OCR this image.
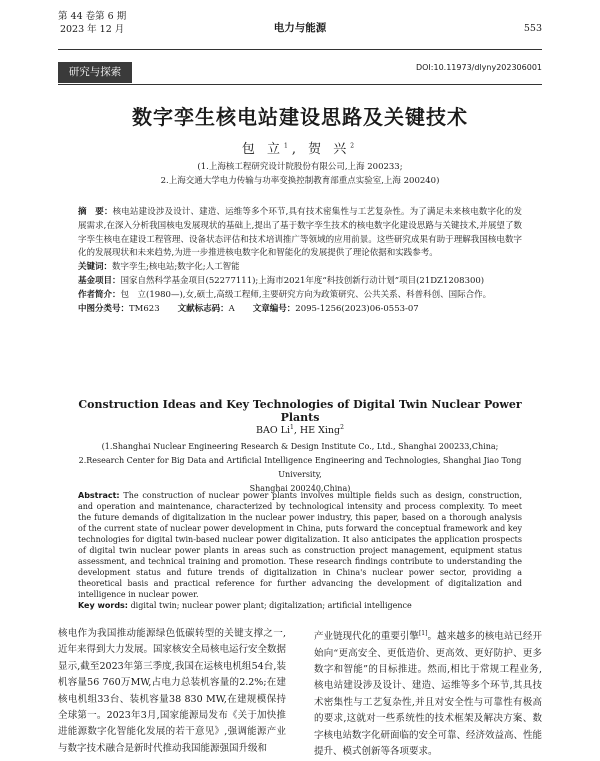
第 44 卷第 6 期
2023 年 12 月	电力与能源	553
研究与探索	DOI:10.11973/dlyny202306001
数字孪生核电站建设思路及关键技术
包 立$^1$, 贺 兴$^2$
(1.上海核工程研究设计院股份有限公司,上海 200233;
2.上海交通大学电力传输与功率变换控制教育部重点实验室,上海 200240)
摘　要：核电站建设涉及设计、建造、运维等多个环节,具有技术密集性与工艺复杂性。为了满足未来核电数字化的发展需求,在深入分析我国核电发展现状的基础上,提出了基于数字孪生技术的核电数字化建设思路与关键技术,并展望了数字孪生核电在建设工程管理、设备状态评估和技术培训推广等领域的应用前景。这些研究成果有助于理解我国核电数字化的发展现状和未来趋势,为进一步推进核电数字化和智能化的发展提供了理论依据和实践参考。
关键词：数字孪生;核电站;数字化;人工智能
基金项目：国家自然科学基金项目(52277111);上海市2021年度“科技创新行动计划”项目(21DZ1208300)
作者简介：包　立(1980—),女,硕士,高级工程师,主要研究方向为政策研究、公共关系、科普科创、国际合作。
中图分类号：TM623 文献标志码：A 文章编号：2095-1256(2023)06-0553-07
Construction Ideas and Key Technologies of Digital Twin Nuclear Power Plants
BAO Li$^1$, HE Xing$^2$
(1.Shanghai Nuclear Engineering Research & Design Institute Co., Ltd., Shanghai 200233,China;
2.Research Center for Big Data and Artificial Intelligence Engineering and Technologies, Shanghai Jiao Tong University,
Shanghai 200240,China)
Abstract: The construction of nuclear power plants involves multiple fields such as design, construction, and operation and maintenance, characterized by technological intensity and process complexity. To meet the future demands of digitalization in the nuclear power industry, this paper, based on a thorough analysis of the current state of nuclear power development in China, puts forward the conceptual framework and key technologies for digital twin-based nuclear power digitalization. It also anticipates the application prospects of digital twin nuclear power plants in areas such as construction project management, equipment status assessment, and technical training and promotion. These research findings contribute to understanding the development status and future trends of digitalization in China's nuclear power sector, providing a theoretical basis and practical reference for further advancing the development of digitalization and intelligence in nuclear power.
Key words: digital twin; nuclear power plant; digitalization; artificial intelligence
核电作为我国推动能源绿色低碳转型的关键支撑之一,近年来得到大力发展。国家核安全局核电运行安全数据显示,截至2023年第三季度,我国在运核电机组54台,装机容量56 760万MW,占电力总装机容量的2.2%;在建核电机组33台、装机容量38 830 MW,在建规模保持全球第一。2023年3月,国家能源局发布《关于加快推进能源数字化智能化发展的若干意见》,强调能源产业与数字技术融合是新时代推动我国能源强国升级和
产业链现代化的重要引擎[1]。越来越多的核电站已经开始向“更高安全、更低造价、更高效、更好防护、更多数字和智能”的目标推进。然而,相比于常规工程业务,核电站建设涉及设计、建造、运维等多个环节,其具技术密集性与工艺复杂性,并且对安全性与可靠性有极高的要求,这就对一些系统性的技术框架及解决方案、数字核电站数字化研面临的安全可靠、经济效益高、性能提升、模式创新等各项要求。
